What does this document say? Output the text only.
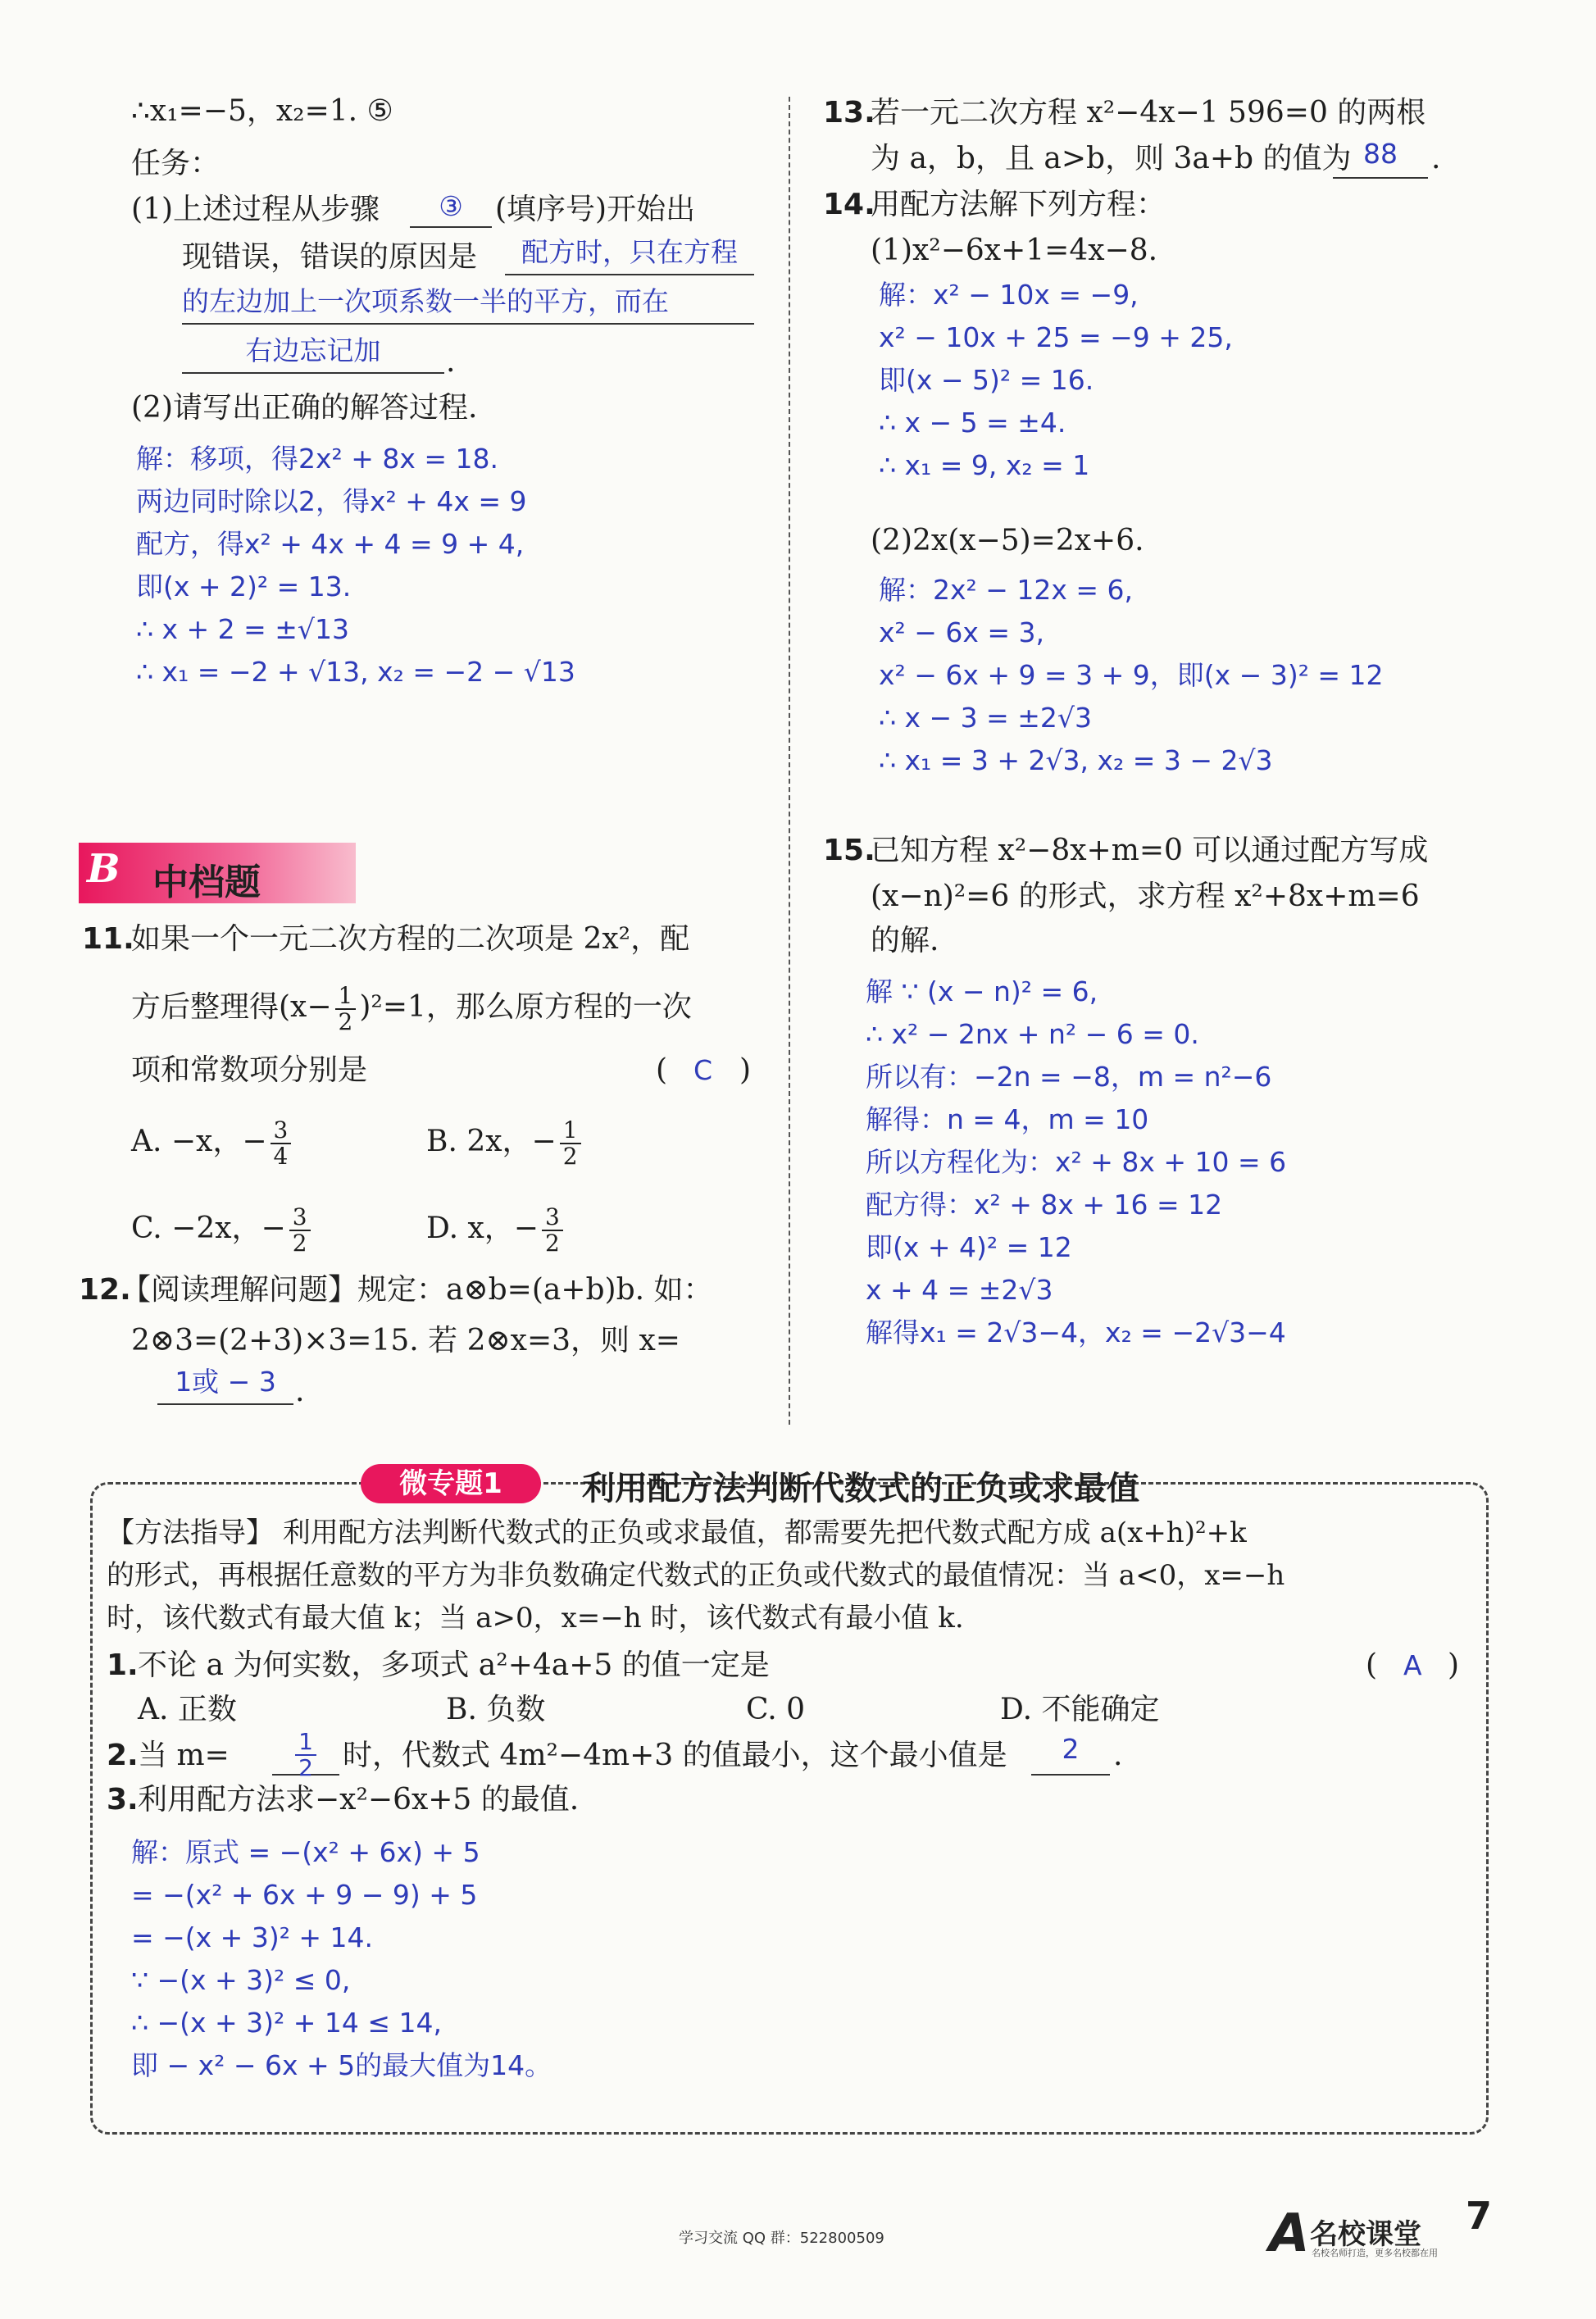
∴x₁=−5，x₂=1. ⑤
任务：
(1)上述过程从步骤	③	(填序号)开始出
现错误，错误的原因是	配方时，只在方程
的左边加上一次项系数一半的平方，而在
右边忘记加	.
(2)请写出正确的解答过程.
解：移项，得2x² + 8x = 18.
两边同时除以2，得x² + 4x = 9
配方，得x² + 4x + 4 = 9 + 4,
即(x + 2)² = 13.
∴ x + 2 = ±√13
∴ x₁ = −2 + √13, x₂ = −2 − √13
B 中档题
11.
如果一个一元二次方程的二次项是 2x²，配
方后整理得$(x- \frac{1}{2} )^2=1$，那么原方程的一次
项和常数项分别是	( C )
A. −x，− $\frac{3}{4}$	B. 2x，− $\frac{1}{2}$
C. −2x，− $\frac{3}{2}$	D. x，− $\frac{3}{2}$
12.
【阅读理解问题】规定：a⊗b=(a+b)b. 如：
2⊗3=(2+3)×3=15. 若 2⊗x=3，则 x=
1或 − 3 .
13.
若一元二次方程 x²−4x−1 596=0 的两根
为 a，b，且 a>b，则 3a+b 的值为 88	.
14.
用配方法解下列方程：
(1)x²−6x+1=4x−8.
解：x² − 10x = −9,
x² − 10x + 25 = −9 + 25,
即(x − 5)² = 16.
∴ x − 5 = ±4.
∴ x₁ = 9, x₂ = 1
(2)2x(x−5)=2x+6.
解：2x² − 12x = 6,
x² − 6x = 3,
x² − 6x + 9 = 3 + 9，即(x − 3)² = 12
∴ x − 3 = ±2√3
∴ x₁ = 3 + 2√3, x₂ = 3 − 2√3
15.
已知方程 x²−8x+m=0 可以通过配方写成
(x−n)²=6 的形式，求方程 x²+8x+m=6
的解.
解 ∵ (x − n)² = 6,
∴ x² − 2nx + n² − 6 = 0.
所以有：−2n = −8，m = n²−6
解得：n = 4，m = 10
所以方程化为：x² + 8x + 10 = 6
配方得：x² + 8x + 16 = 12
即(x + 4)² = 12
x + 4 = ±2√3
解得x₁ = 2√3−4，x₂ = −2√3−4
微专题1	利用配方法判断代数式的正负或求最值
【方法指导】 利用配方法判断代数式的正负或求最值，都需要先把代数式配方成 a(x+h)²+k
的形式，再根据任意数的平方为非负数确定代数式的正负或代数式的最值情况：当 a<0，x=−h
时，该代数式有最大值 k；当 a>0，x=−h 时，该代数式有最小值 k.
1. 不论 a 为何实数，多项式 a²+4a+5 的值一定是	( A )
A. 正数	B. 负数	C. 0	D. 不能确定
2. 当 m=	$\frac{1}{2}$ 时，代数式 4m²−4m+3 的值最小，这个最小值是	2	.
3. 利用配方法求−x²−6x+5 的最值.
解：原式 = −(x² + 6x) + 5
= −(x² + 6x + 9 − 9) + 5
= −(x + 3)² + 14.
∵ −(x + 3)² ≤ 0,
∴ −(x + 3)² + 14 ≤ 14,
即 − x² − 6x + 5的最大值为14。
学习交流 QQ 群：522800509	A 名校课堂
名校名师打造，更多名校都在用
7
